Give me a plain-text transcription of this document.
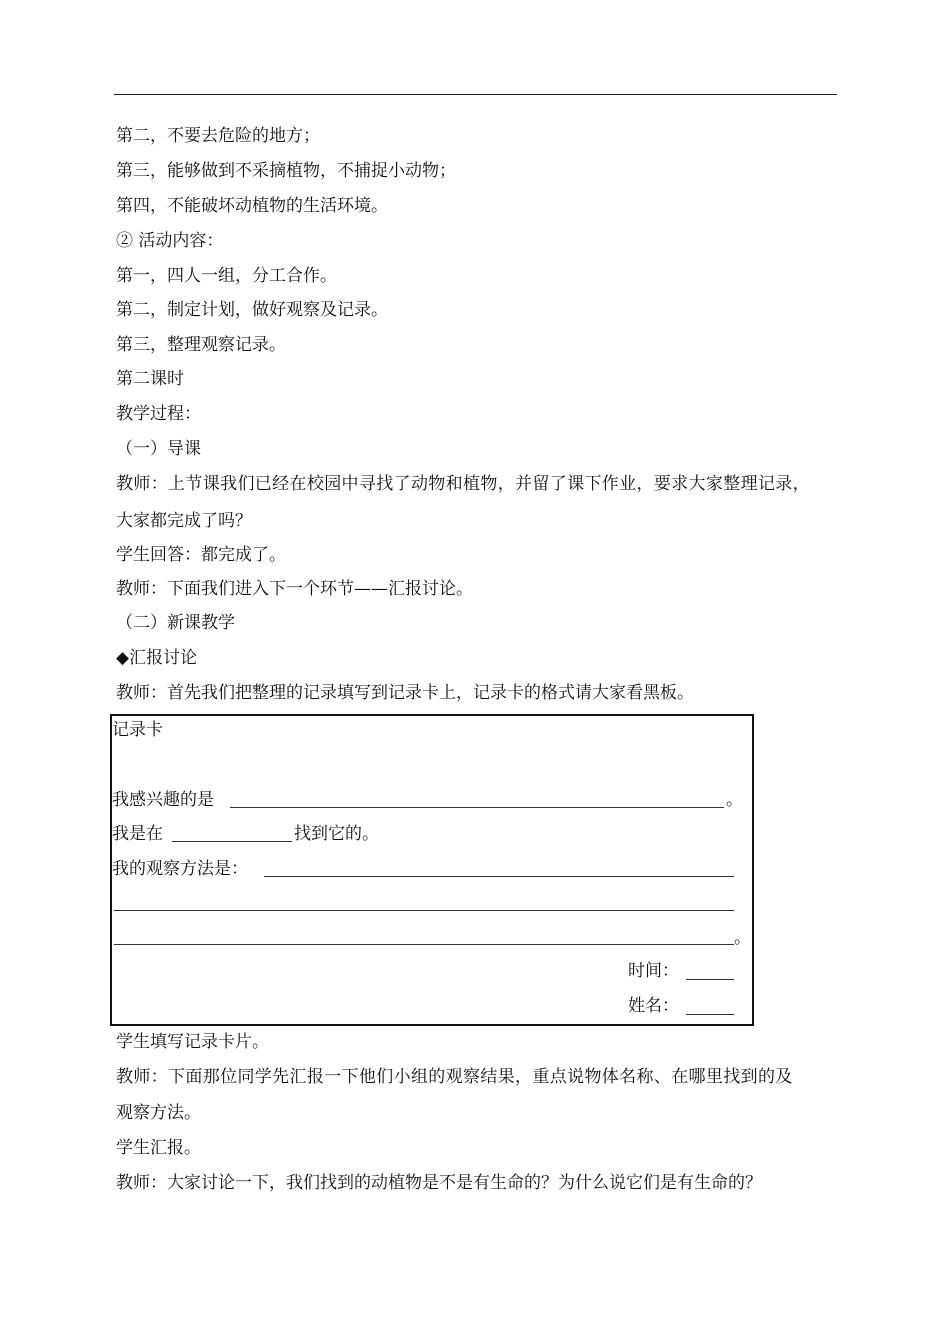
第二，不要去危险的地方；
第三，能够做到不采摘植物，不捕捉小动物；
第四，不能破坏动植物的生活环境。
② 活动内容：
第一，四人一组，分工合作。
第二，制定计划，做好观察及记录。
第三，整理观察记录。
第二课时
教学过程：
（一）导课
教师：上节课我们已经在校园中寻找了动物和植物，并留了课下作业，要求大家整理记录，
大家都完成了吗？
学生回答：都完成了。
教师：下面我们进入下一个环节——汇报讨论。
（二）新课教学
◆汇报讨论
教师：首先我们把整理的记录填写到记录卡上，记录卡的格式请大家看黑板。
记录卡
我感兴趣的是	。
我是在	找到它的。
我的观察方法是：
。
时间：
姓名：
学生填写记录卡片。
教师：下面那位同学先汇报一下他们小组的观察结果，重点说物体名称、在哪里找到的及
观察方法。
学生汇报。
教师：大家讨论一下，我们找到的动植物是不是有生命的？为什么说它们是有生命的？
